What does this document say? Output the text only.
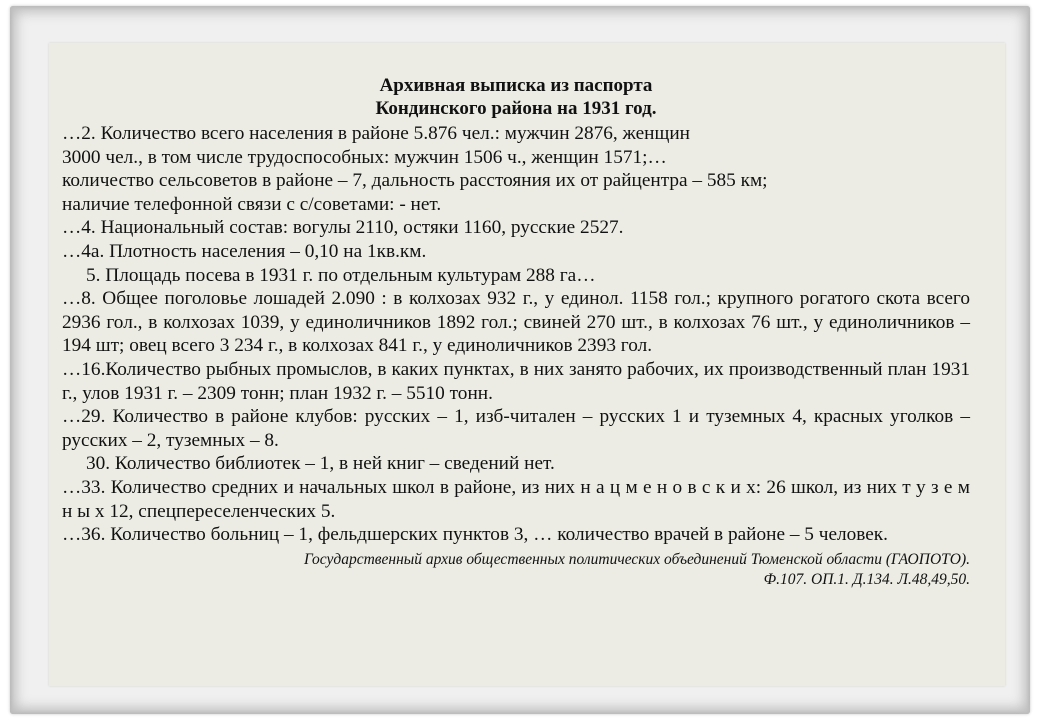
Архивная выписка из паспорта
Кондинского района на 1931 год.

…2. Количество всего населения в районе 5.876 чел.: мужчин 2876, женщин
3000 чел., в том числе трудоспособных: мужчин 1506 ч., женщин 1571;…
количество сельсоветов в районе – 7, дальность расстояния их от райцентра – 585 км;
наличие телефонной связи с с/советами: - нет.

…4. Национальный состав: вогулы 2110, остяки 1160, русские 2527.

…4а. Плотность населения – 0,10 на 1кв.км.

5. Площадь посева в 1931 г. по отдельным культурам 288 га…

…8. Общее поголовье лошадей 2.090 : в колхозах 932 г., у единол. 1158 гол.; крупного рогатого скота всего 2936 гол., в колхозах 1039, у единоличников 1892 гол.; свиней 270 шт., в колхозах 76 шт., у единоличников – 194 шт; овец всего 3 234 г., в колхозах 841 г., у единоличников 2393 гол.

…16.Количество рыбных промыслов, в каких пунктах, в них занято рабочих, их производственный план 1931 г., улов 1931 г. – 2309 тонн; план 1932 г. – 5510 тонн.

…29. Количество в районе клубов: русских – 1, изб-читален – русских 1 и туземных 4, красных уголков – русских – 2, туземных – 8.

30. Количество библиотек – 1, в ней книг – сведений нет.

…33. Количество средних и начальных школ в районе, из них н а ц м е н о в с к и х: 26 школ, из них т у з е м н ы х 12, спецпереселенческих 5.

…36. Количество больниц – 1, фельдшерских пунктов 3, … количество врачей в районе – 5 человек.

Государственный архив общественных политических объединений Тюменской области (ГАОПОТО).
Ф.107. ОП.1. Д.134. Л.48,49,50.
